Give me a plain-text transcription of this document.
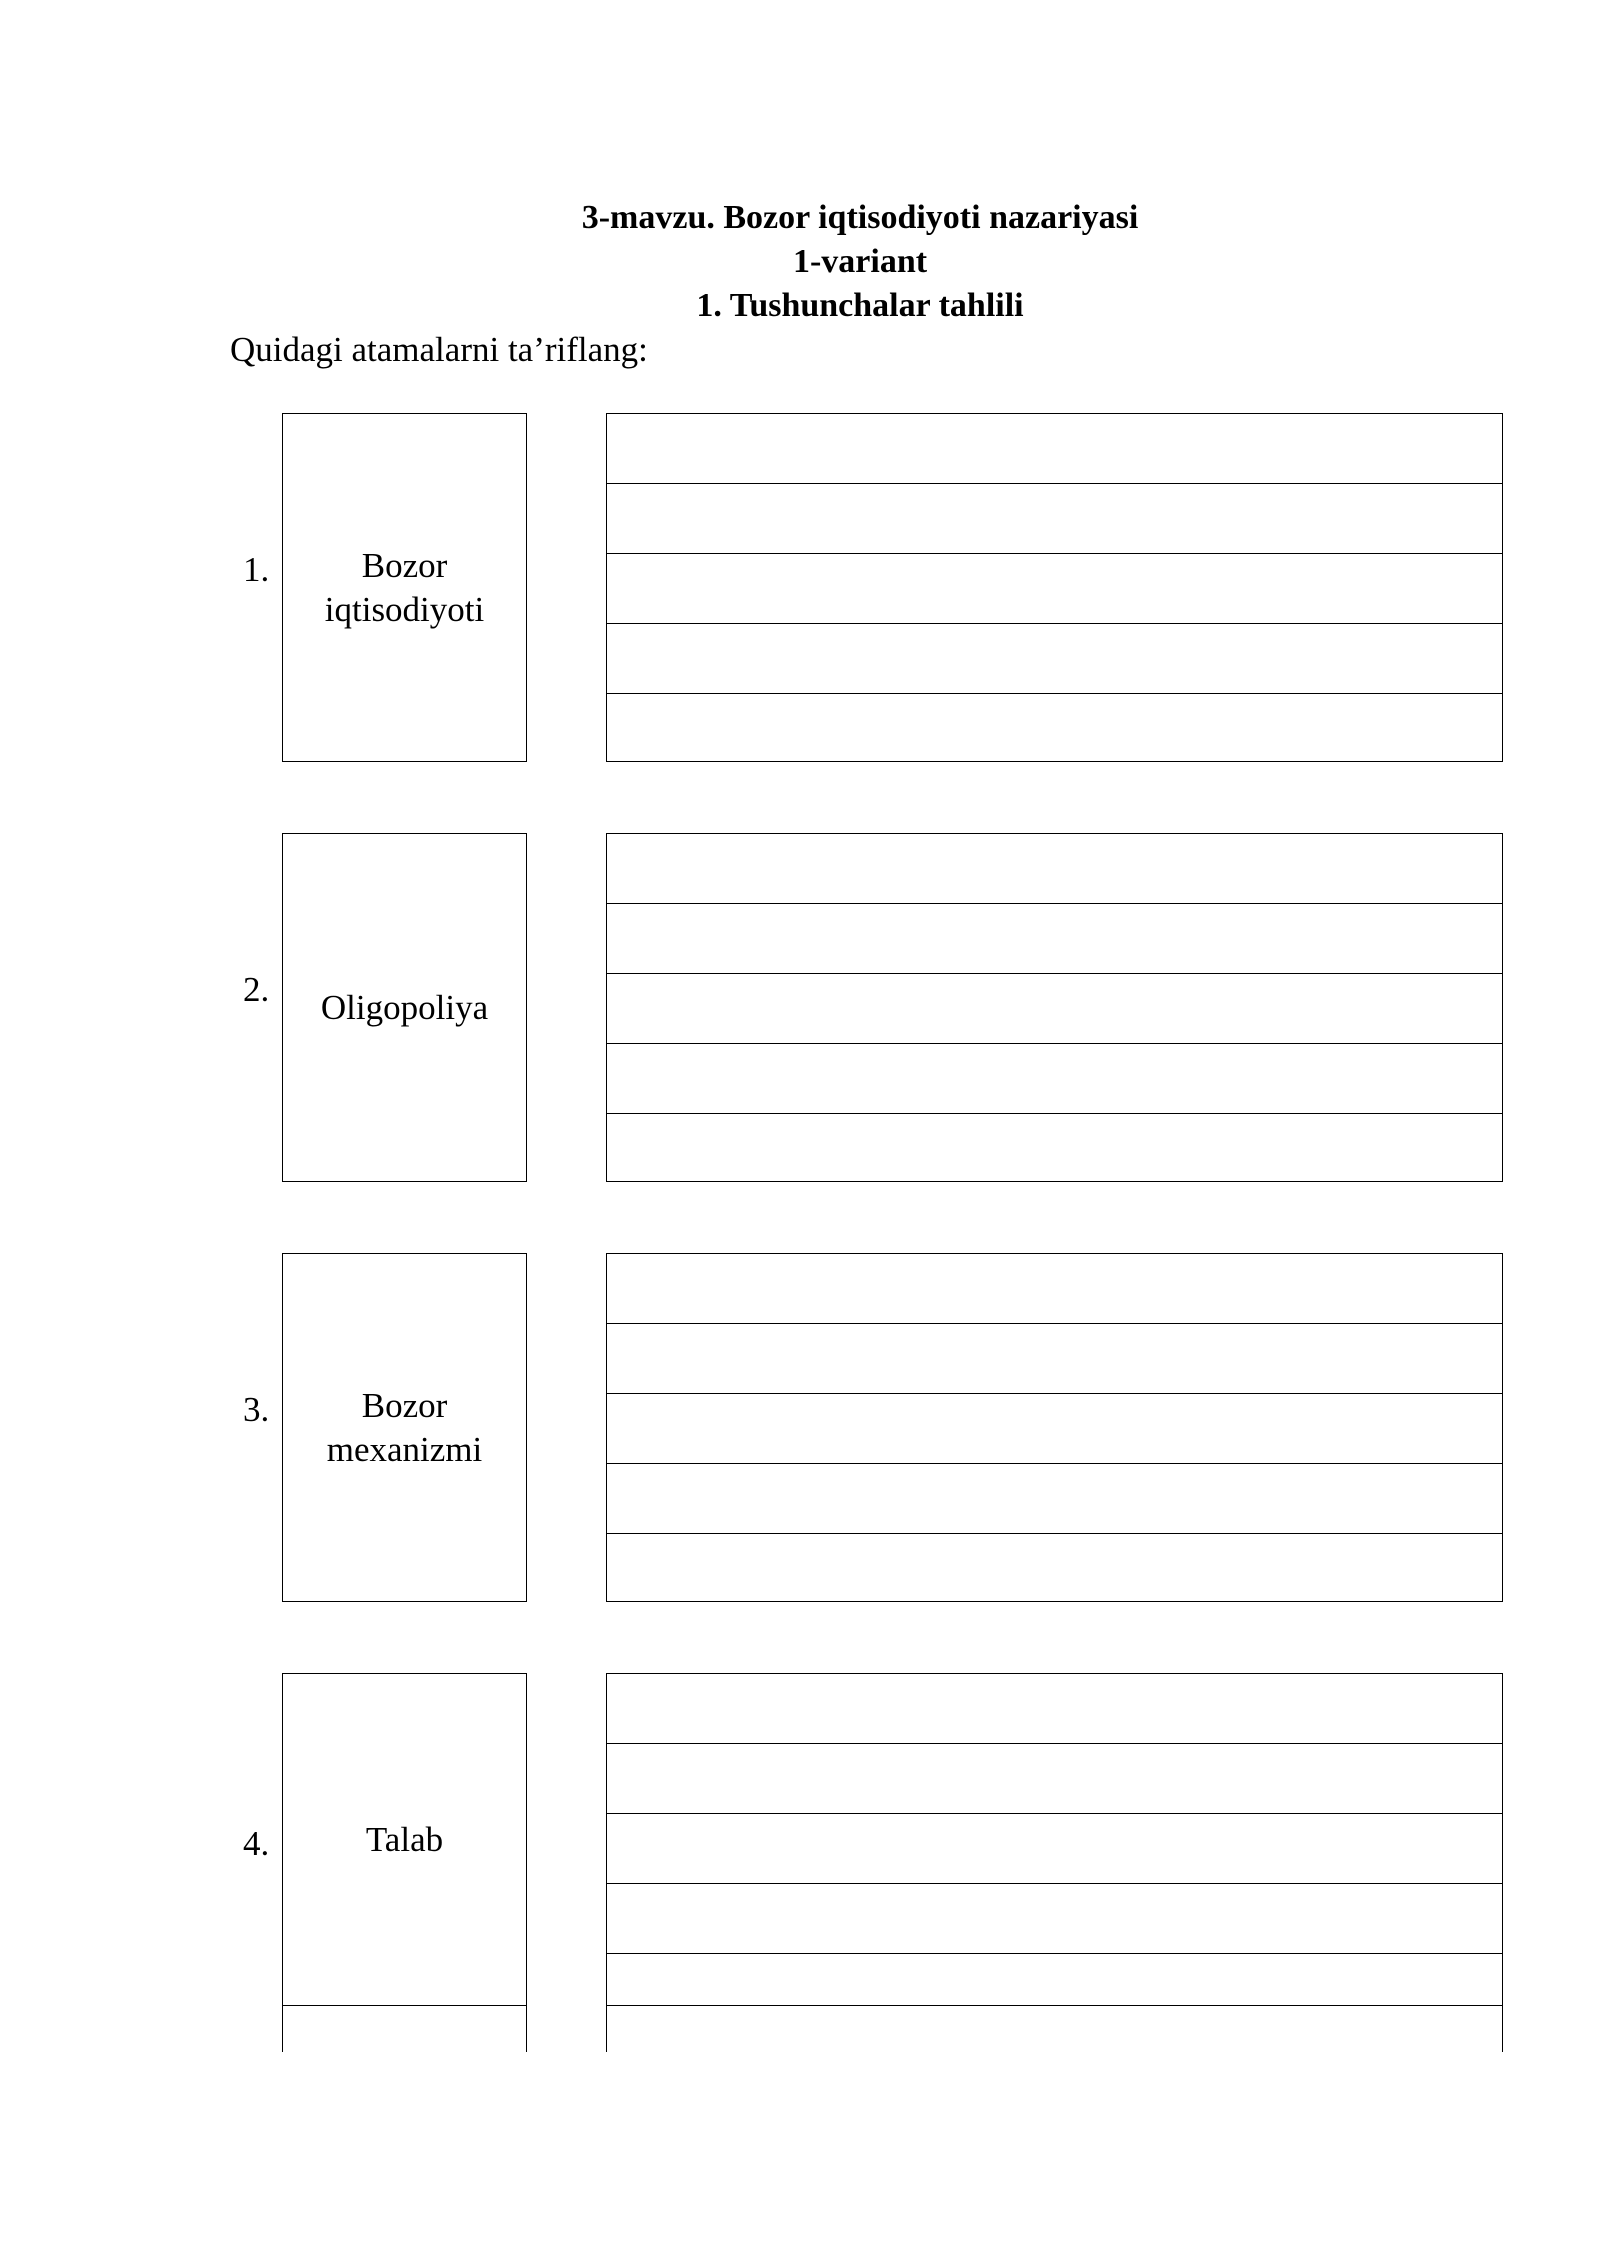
3-mavzu. Bozor iqtisodiyoti nazariyasi
1-variant
1. Tushunchalar tahlili
Quidagi atamalarni ta’riflang:
1.	Bozor iqtisodiyoti
2. Oligopoliya
3.	Bozor mexanizmi
4.	Talab
